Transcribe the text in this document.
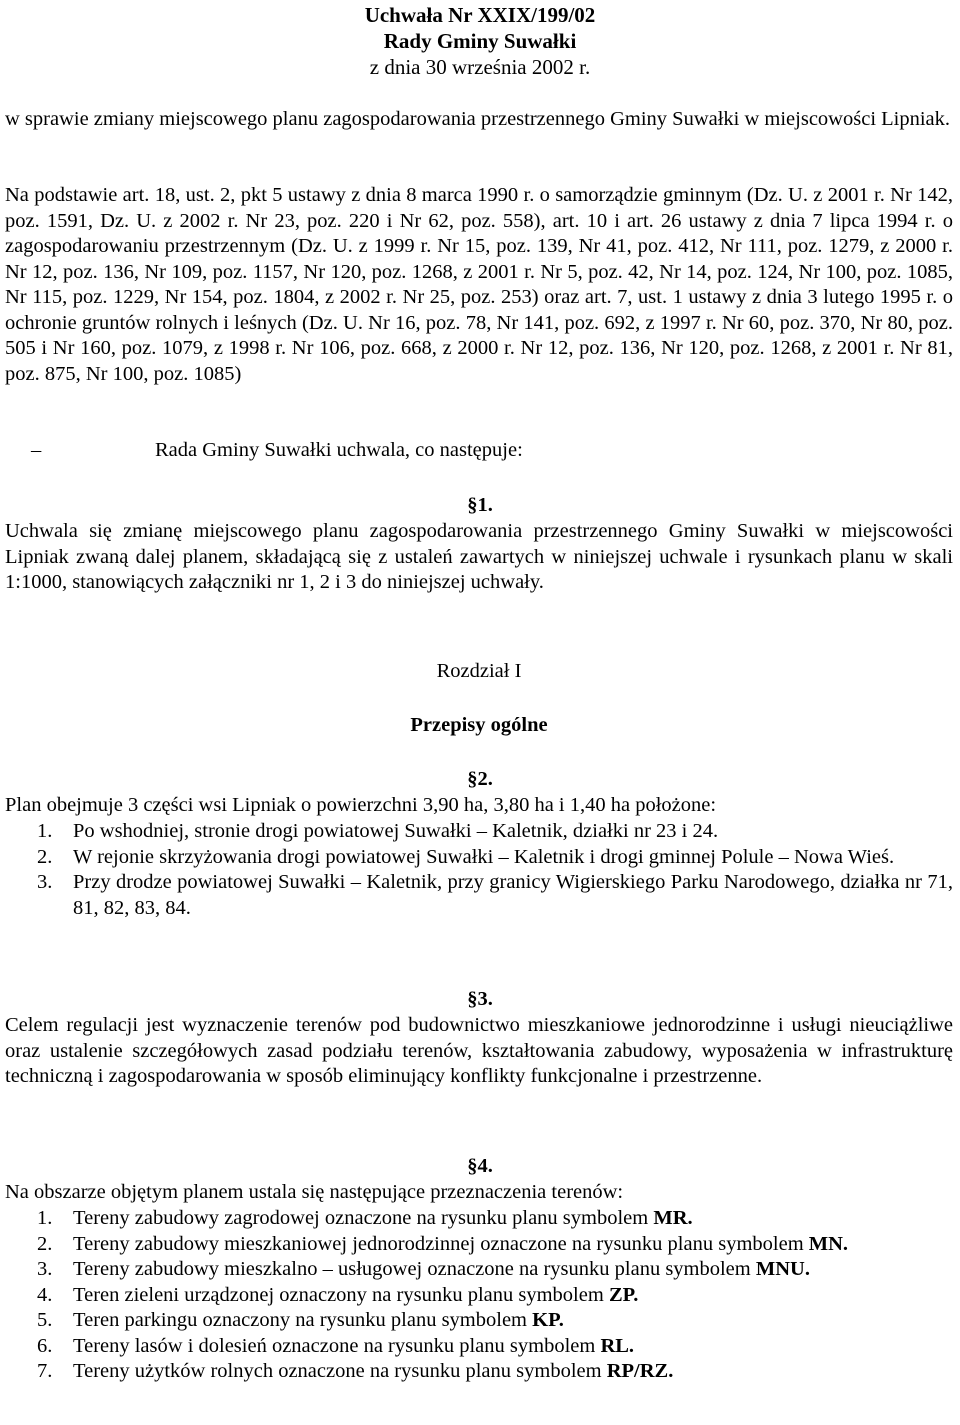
Uchwała Nr XXIX/199/02
Rady Gminy Suwałki
z dnia 30 września 2002 r.
w sprawie zmiany miejscowego planu zagospodarowania przestrzennego Gminy Suwałki w miejscowości Lipniak.
Na podstawie art. 18, ust. 2, pkt 5 ustawy z dnia 8 marca 1990 r. o samorządzie gminnym (Dz. U. z 2001 r. Nr 142, poz. 1591, Dz. U. z 2002 r. Nr 23, poz. 220 i Nr 62, poz. 558), art. 10 i art. 26 ustawy z dnia 7 lipca 1994 r. o zagospodarowaniu przestrzennym (Dz. U. z 1999 r. Nr 15, poz. 139, Nr 41, poz. 412, Nr 111, poz. 1279, z 2000 r. Nr 12, poz. 136, Nr 109, poz. 1157, Nr 120, poz. 1268, z 2001 r. Nr 5, poz. 42, Nr 14, poz. 124, Nr 100, poz. 1085, Nr 115, poz. 1229, Nr 154, poz. 1804, z 2002 r. Nr 25, poz. 253) oraz art. 7, ust. 1 ustawy z dnia 3 lutego 1995 r. o ochronie gruntów rolnych i leśnych (Dz. U. Nr 16, poz. 78, Nr 141, poz. 692, z 1997 r. Nr 60, poz. 370, Nr 80, poz. 505 i Nr 160, poz. 1079, z 1998 r. Nr 106, poz. 668, z 2000 r. Nr 12, poz. 136, Nr 120, poz. 1268, z 2001 r. Nr 81, poz. 875, Nr 100, poz. 1085)
–	Rada Gminy Suwałki uchwala, co następuje:
§1.
Uchwala się zmianę miejscowego planu zagospodarowania przestrzennego Gminy Suwałki w miejscowości Lipniak zwaną dalej planem, składającą się z ustaleń zawartych w niniejszej uchwale i rysunkach planu w skali 1:1000, stanowiących załączniki nr 1, 2 i 3 do niniejszej uchwały.
Rozdział I
Przepisy ogólne
§2.
Plan obejmuje 3 części wsi Lipniak o powierzchni 3,90 ha, 3,80 ha i 1,40 ha położone:
1. Po wshodniej, stronie drogi powiatowej Suwałki – Kaletnik, działki nr 23 i 24.
2. W rejonie skrzyżowania drogi powiatowej Suwałki – Kaletnik i drogi gminnej Polule – Nowa Wieś.
3. Przy drodze powiatowej Suwałki – Kaletnik, przy granicy Wigierskiego Parku Narodowego, działka nr 71, 81, 82, 83, 84.
§3.
Celem regulacji jest wyznaczenie terenów pod budownictwo mieszkaniowe jednorodzinne i usługi nieuciążliwe oraz ustalenie szczegółowych zasad podziału terenów, kształtowania zabudowy, wyposażenia w infrastrukturę techniczną i zagospodarowania w sposób eliminujący konflikty funkcjonalne i przestrzenne.
§4.
Na obszarze objętym planem ustala się następujące przeznaczenia terenów:
1. Tereny zabudowy zagrodowej oznaczone na rysunku planu symbolem MR.
2. Tereny zabudowy mieszkaniowej jednorodzinnej oznaczone na rysunku planu symbolem MN.
3. Tereny zabudowy mieszkalno – usługowej oznaczone na rysunku planu symbolem MNU.
4. Teren zieleni urządzonej oznaczony na rysunku planu symbolem ZP.
5. Teren parkingu oznaczony na rysunku planu symbolem KP.
6. Tereny lasów i dolesień oznaczone na rysunku planu symbolem RL.
7. Tereny użytków rolnych oznaczone na rysunku planu symbolem RP/RZ.
